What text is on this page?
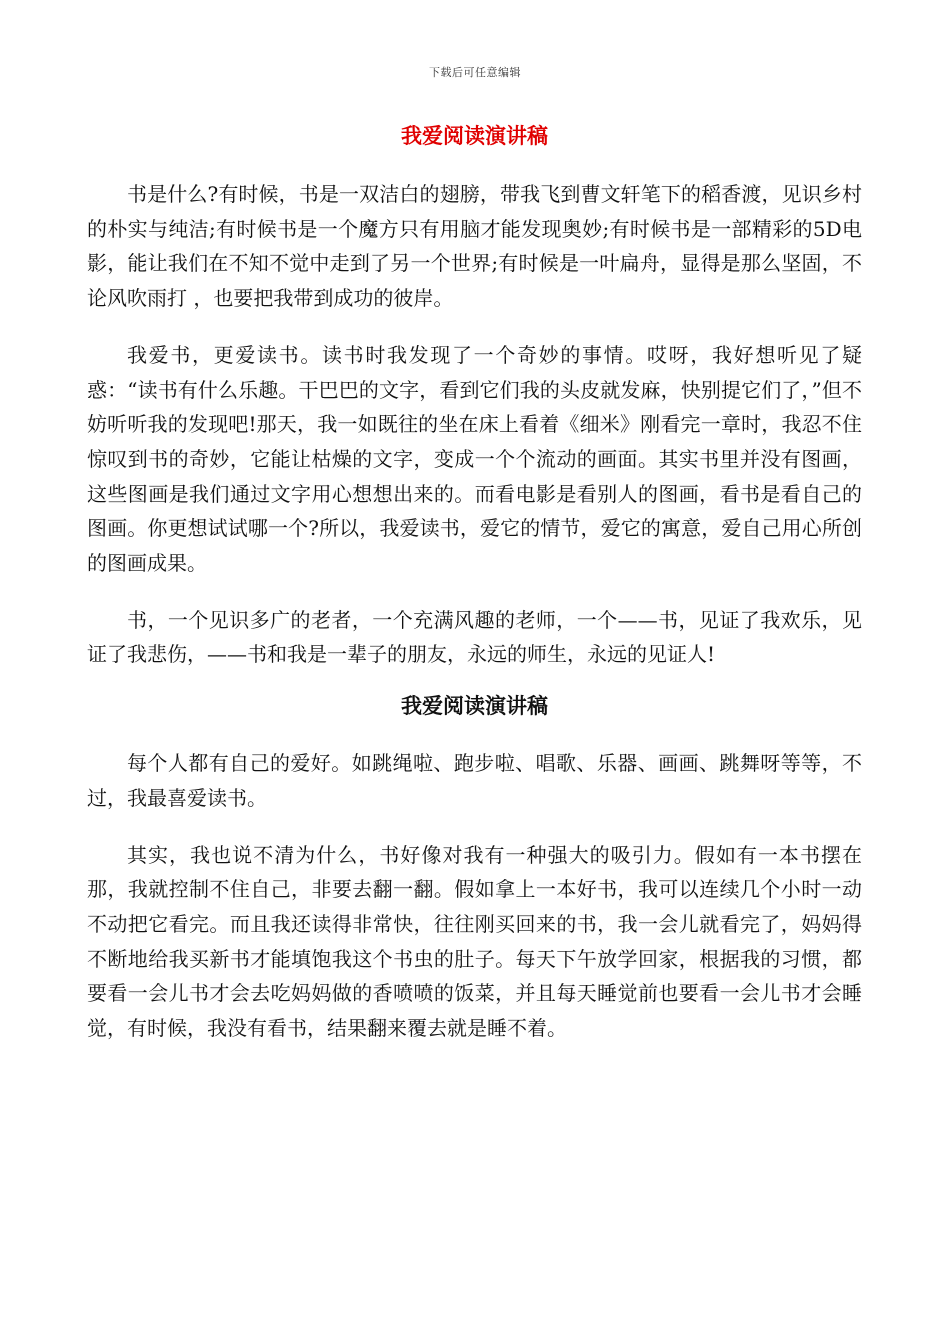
下载后可任意编辑
我爱阅读演讲稿

书是什么?有时候，书是一双洁白的翅膀，带我飞到曹文轩笔下的稻香渡，见识乡村的朴实与纯洁;有时候书是一个魔方只有用脑才能发现奥妙;有时候书是一部精彩的5D电影，能让我们在不知不觉中走到了另一个世界;有时候是一叶扁舟，显得是那么坚固，不论风吹雨打 ，也要把我带到成功的彼岸。

我爱书，更爱读书。读书时我发现了一个奇妙的事情。哎呀，我好想听见了疑惑：“读书有什么乐趣。干巴巴的文字，看到它们我的头皮就发麻，快别提它们了，”但不妨听听我的发现吧!那天，我一如既往的坐在床上看着《细米》刚看完一章时，我忍不住惊叹到书的奇妙，它能让枯燥的文字，变成一个个流动的画面。其实书里并没有图画，这些图画是我们通过文字用心想想出来的。而看电影是看别人的图画，看书是看自己的图画。你更想试试哪一个?所以，我爱读书，爱它的情节，爱它的寓意，爱自己用心所创的图画成果。

书，一个见识多广的老者，一个充满风趣的老师，一个——书，见证了我欢乐，见证了我悲伤，——书和我是一辈子的朋友，永远的师生，永远的见证人!

我爱阅读演讲稿

每个人都有自己的爱好。如跳绳啦、跑步啦、唱歌、乐器、画画、跳舞呀等等，不过，我最喜爱读书。

其实，我也说不清为什么，书好像对我有一种强大的吸引力。假如有一本书摆在那，我就控制不住自己，非要去翻一翻。假如拿上一本好书，我可以连续几个小时一动不动把它看完。而且我还读得非常快，往往刚买回来的书，我一会儿就看完了，妈妈得不断地给我买新书才能填饱我这个书虫的肚子。每天下午放学回家，根据我的习惯，都要看一会儿书才会去吃妈妈做的香喷喷的饭菜，并且每天睡觉前也要看一会儿书才会睡觉，有时候，我没有看书，结果翻来覆去就是睡不着。
